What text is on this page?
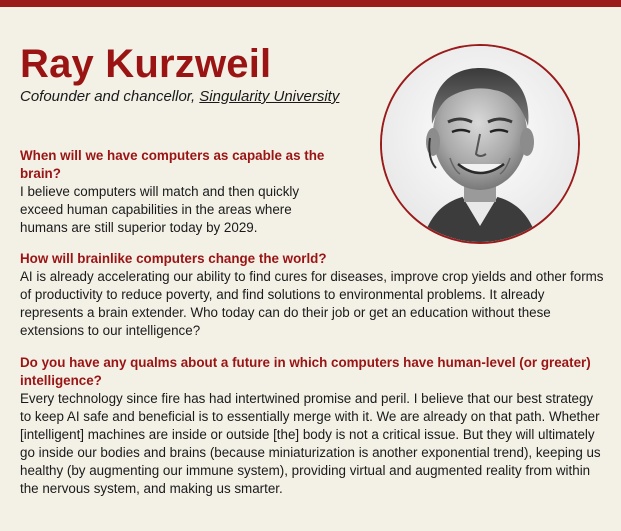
Ray Kurzweil

Cofounder and chancellor, Singularity University

When will we have computers as capable as the brain?

I believe computers will match and then quickly exceed human capabilities in the areas where humans are still superior today by 2029.

How will brainlike computers change the world?

AI is already accelerating our ability to find cures for diseases, improve crop yields and other forms of productivity to reduce poverty, and find solutions to environmental problems. It already represents a brain extender. Who today can do their job or get an education without these extensions to our intelligence?

Do you have any qualms about a future in which computers have human-level (or greater) intelligence?

Every technology since fire has had intertwined promise and peril. I believe that our best strategy to keep AI safe and beneficial is to essentially merge with it. We are already on that path. Whether [intelligent] machines are inside or outside [the] body is not a critical issue. But they will ultimately go inside our bodies and brains (because miniaturization is another exponential trend), keeping us healthy (by augmenting our immune system), providing virtual and augmented reality from within the nervous system, and making us smarter.
